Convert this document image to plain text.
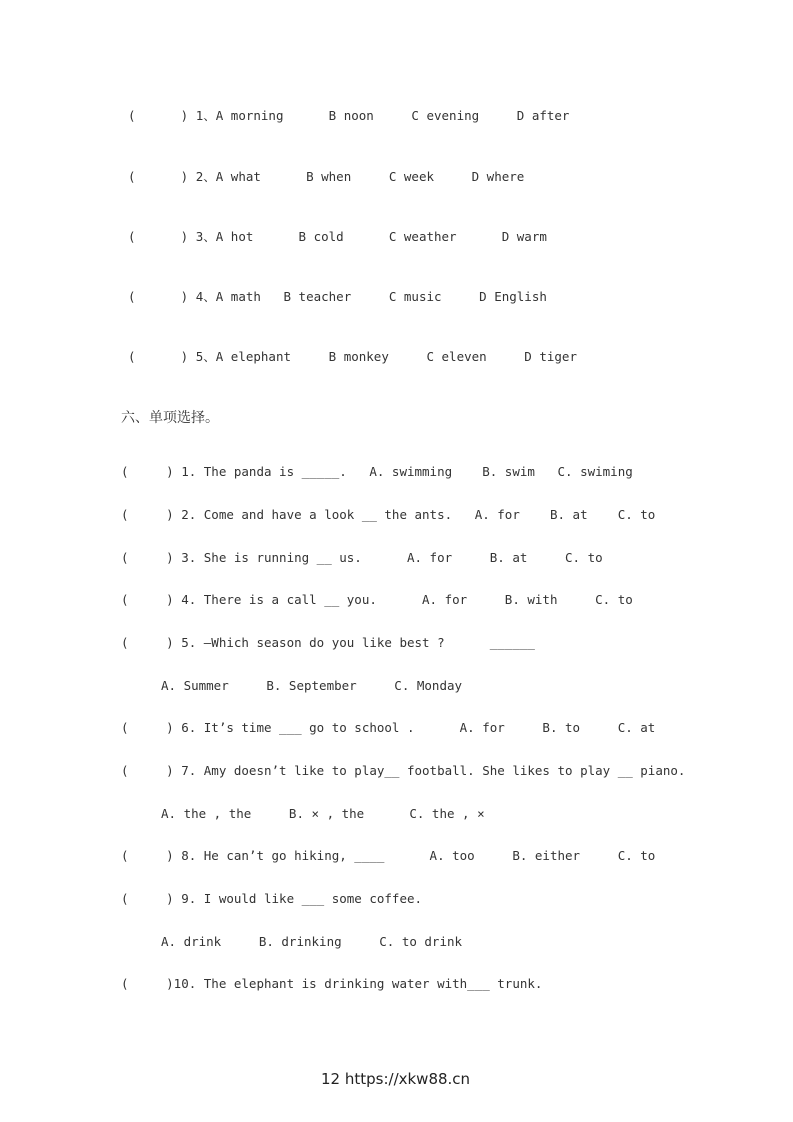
(      ) 1、A morning      B noon     C evening     D after
(      ) 2、A what      B when     C week     D where
(      ) 3、A hot      B cold      C weather      D warm
(      ) 4、A math   B teacher     C music     D English
(      ) 5、A elephant     B monkey     C eleven     D tiger
六、单项选择。
(     ) 1. The panda is _____.   A. swimming    B. swim   C. swiming
(     ) 2. Come and have a look __ the ants.   A. for    B. at    C. to
(     ) 3. She is running __ us.      A. for     B. at     C. to
(     ) 4. There is a call __ you.      A. for     B. with     C. to
(     ) 5. —Which season do you like best ?      ______
A. Summer     B. September     C. Monday
(     ) 6. It’s time ___ go to school .      A. for     B. to     C. at
(     ) 7. Amy doesn’t like to play__ football. She likes to play __ piano.
A. the , the     B. × , the      C. the , ×
(     ) 8. He can’t go hiking, ____      A. too     B. either     C. to
(     ) 9. I would like ___ some coffee.
A. drink     B. drinking     C. to drink
(     )10. The elephant is drinking water with___ trunk.
12 https://xkw88.cn
